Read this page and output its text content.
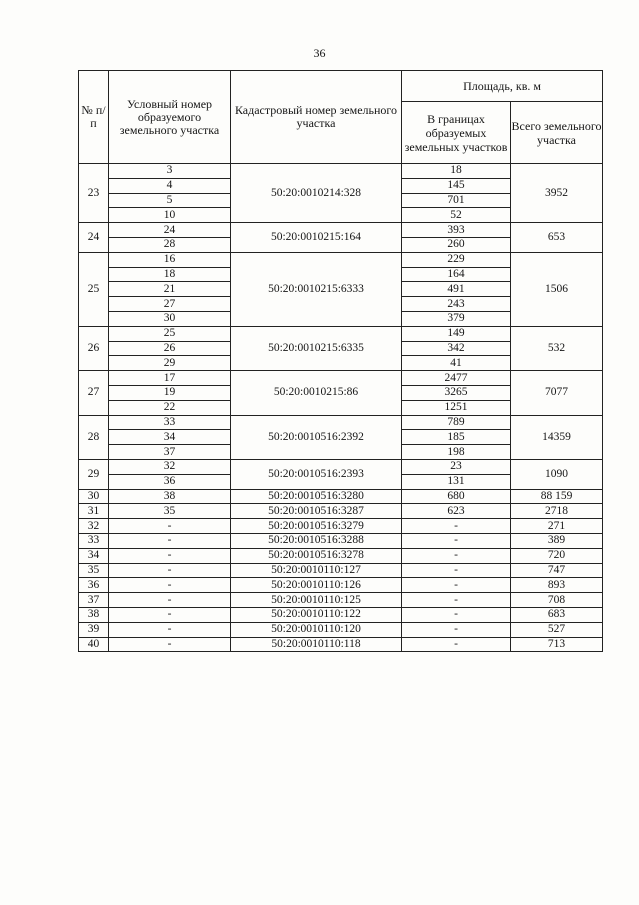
36
№ п/п	Условный номер образуемого земельного участка	Кадастровый номер земельного участка	Площадь, кв. м	
			В границах образуемых земельных участков	Всего земельного участка
23	3	50:20:0010214:328	18	3952
	4		145	
	5		701	
	10		52	
24	24	50:20:0010215:164	393	653
	28		260	
25	16	50:20:0010215:6333	229	1506
	18		164	
	21		491	
	27		243	
	30		379	
26	25	50:20:0010215:6335	149	532
	26		342	
	29		41	
27	17	50:20:0010215:86	2477	7077
	19		3265	
	22		1251	
28	33	50:20:0010516:2392	789	14359
	34		185	
	37		198	
29	32	50:20:0010516:2393	23	1090
	36		131	
30	38	50:20:0010516:3280	680	88 159
31	35	50:20:0010516:3287	623	2718
32	-	50:20:0010516:3279	-	271
33	-	50:20:0010516:3288	-	389
34	-	50:20:0010516:3278	-	720
35	-	50:20:0010110:127	-	747
36	-	50:20:0010110:126	-	893
37	-	50:20:0010110:125	-	708
38	-	50:20:0010110:122	-	683
39	-	50:20:0010110:120	-	527
40	-	50:20:0010110:118	-	713
